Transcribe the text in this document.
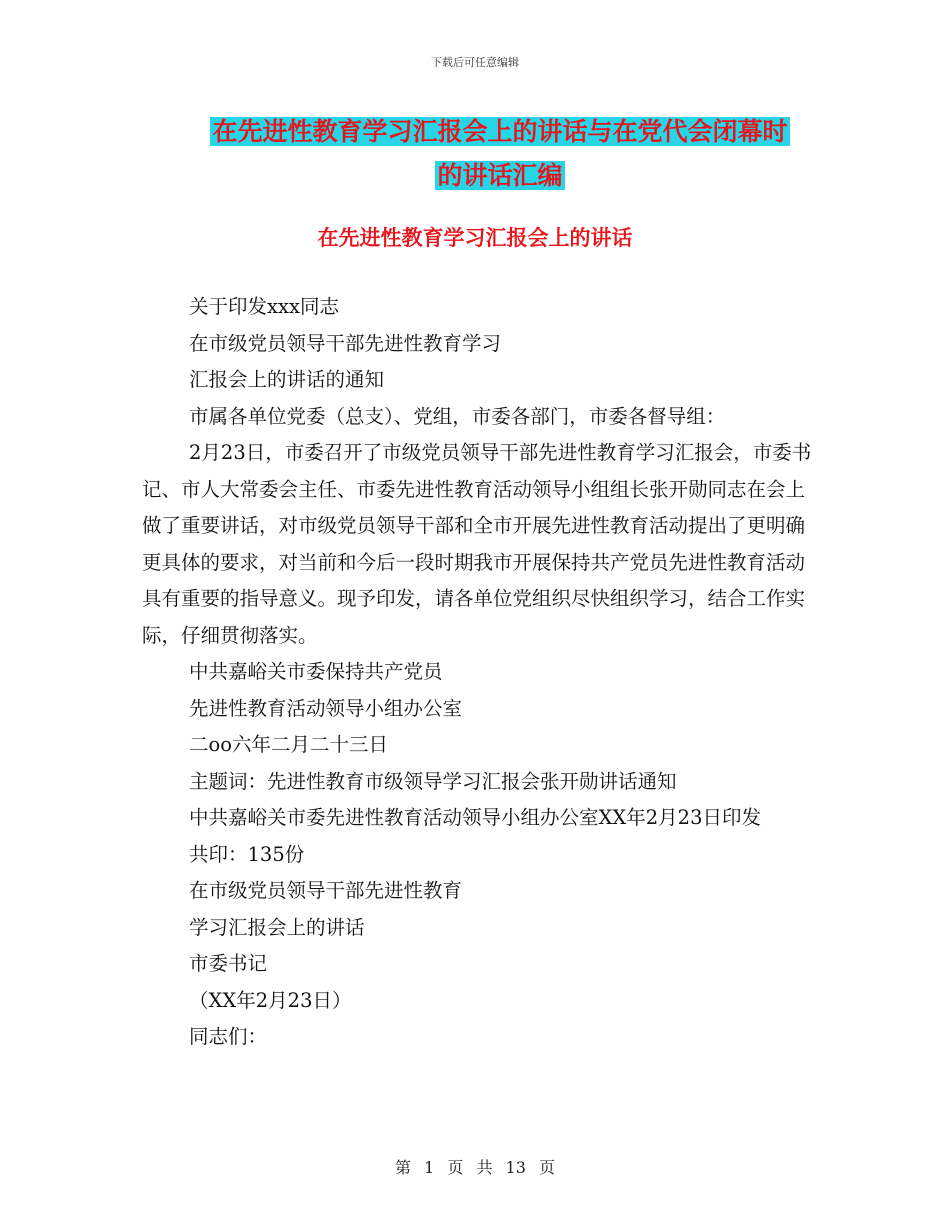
下载后可任意编辑
在先进性教育学习汇报会上的讲话与在党代会闭幕时
的讲话汇编
在先进性教育学习汇报会上的讲话

关于印发xxx同志

在市级党员领导干部先进性教育学习

汇报会上的讲话的通知

市属各单位党委（总支）、党组，市委各部门，市委各督导组：

2月23日，市委召开了市级党员领导干部先进性教育学习汇报会，市委书记、市人大常委会主任、市委先进性教育活动领导小组组长张开勋同志在会上做了重要讲话，对市级党员领导干部和全市开展先进性教育活动提出了更明确更具体的要求，对当前和今后一段时期我市开展保持共产党员先进性教育活动具有重要的指导意义。现予印发，请各单位党组织尽快组织学习，结合工作实际，仔细贯彻落实。

中共嘉峪关市委保持共产党员

先进性教育活动领导小组办公室

二oo六年二月二十三日

主题词：先进性教育市级领导学习汇报会张开勋讲话通知

中共嘉峪关市委先进性教育活动领导小组办公室XX年2月23日印发

共印：135份

在市级党员领导干部先进性教育

学习汇报会上的讲话

市委书记

（XX年2月23日）

同志们：

第 1 页 共 13 页
